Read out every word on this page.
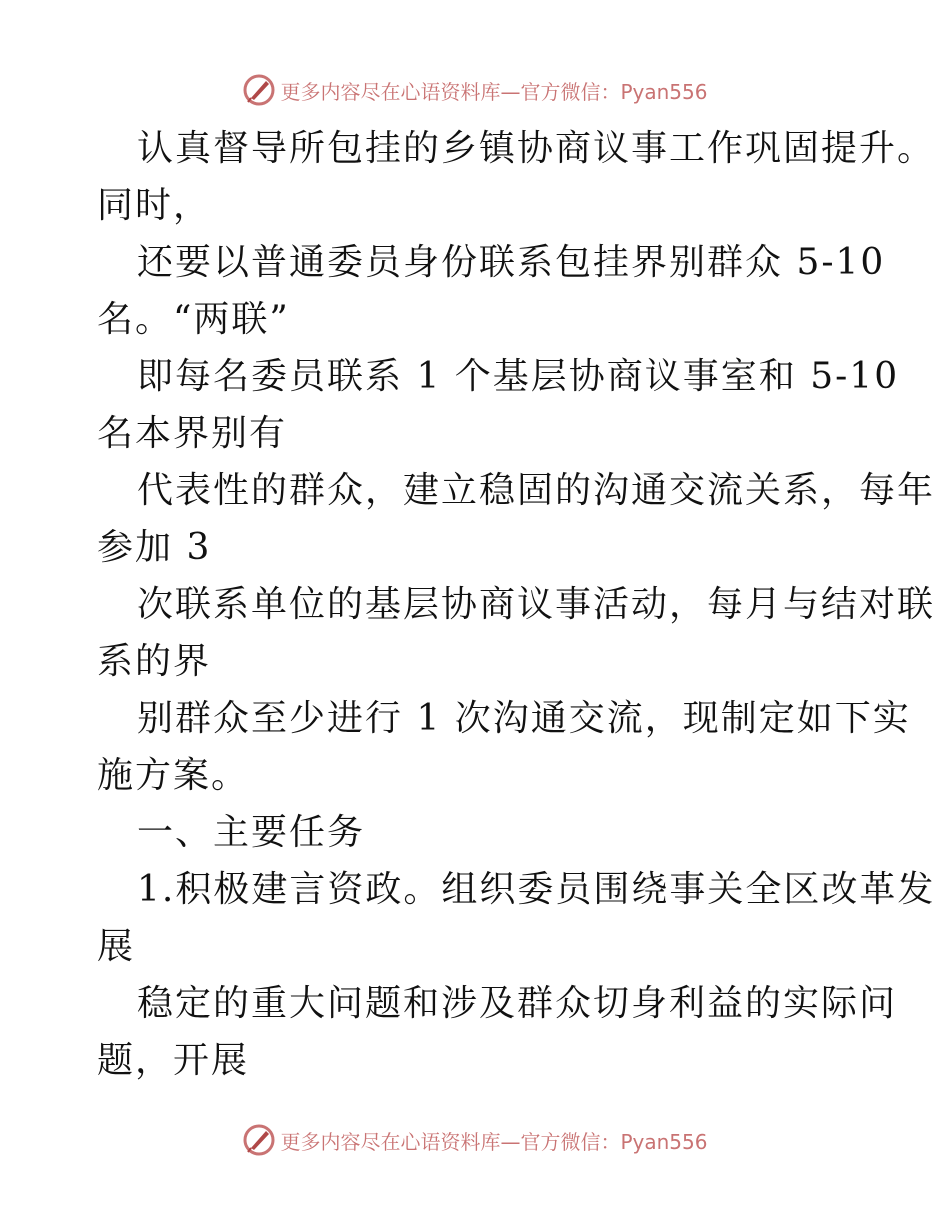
更多内容尽在心语资料库— 官方微信：Pyan556
认真督导所包挂的乡镇协商议事工作巩固提升。
同时，
还要以普通委员身份联系包挂界别群众 5-10
名。“两联”
即每名委员联系 1 个基层协商议事室和 5-10
名本界别有
代表性的群众，建立稳固的沟通交流关系，每年
参加 3
次联系单位的基层协商议事活动，每月与结对联
系的界
别群众至少进行 1 次沟通交流，现制定如下实
施方案。
一、主要任务
1.积极建言资政。组织委员围绕事关全区改革发
展
稳定的重大问题和涉及群众切身利益的实际问
题，开展
更多内容尽在心语资料库— 官方微信：Pyan556
